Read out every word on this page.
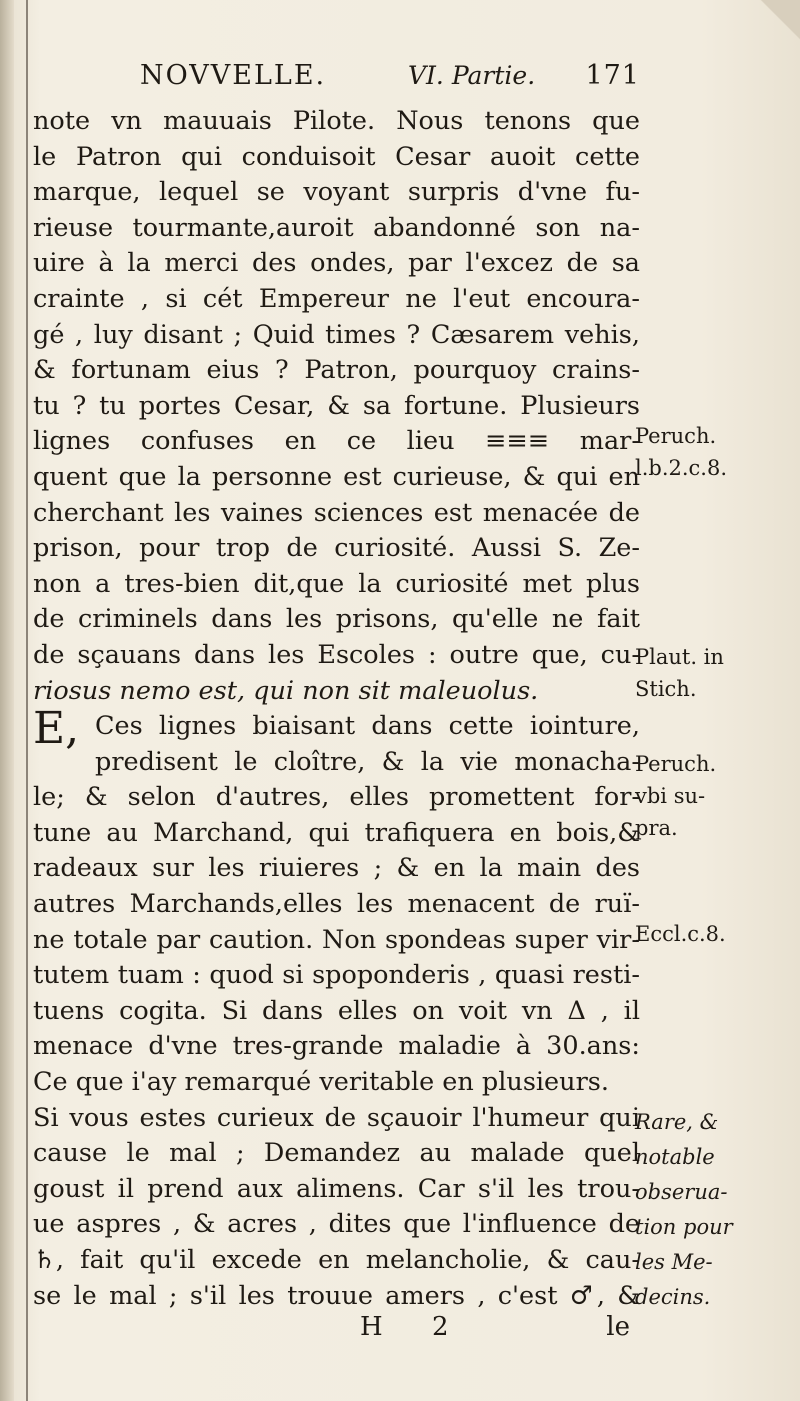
NOVVELLE.	VI. Partie. 171
note vn mauuais Pilote. Nous tenons que
le Patron qui conduisoit Cesar auoit cette
marque, lequel se voyant surpris d'vne fu-
rieuse tourmante,auroit abandonné son na-
uire à la merci des ondes, par l'excez de sa
crainte , si cét Empereur ne l'eut encoura-
gé , luy disant ; Quid times ? Cæsarem vehis,
& fortunam eius ? Patron, pourquoy crains-
tu ? tu portes Cesar, & sa fortune. Plusieurs
lignes confuses en ce lieu ≡≡≡ mar-
quent que la personne est curieuse, & qui en
cherchant les vaines sciences est menacée de
prison, pour trop de curiosité. Aussi S. Ze-
non a tres-bien dit,que la curiosité met plus
de criminels dans les prisons, qu'elle ne fait
de sçauans dans les Escoles : outre que, cu-
riosus nemo est, qui non sit maleuolus.
Ces lignes biaisant dans cette iointure,
predisent le cloître, & la vie monacha-
le; & selon d'autres, elles promettent for-
tune au Marchand, qui trafiquera en bois,&
radeaux sur les riuieres ; & en la main des
autres Marchands,elles les menacent de ruï-
ne totale par caution. Non spondeas super vir-
tutem tuam : quod si spoponderis , quasi resti-
tuens cogita. Si dans elles on voit vn Δ , il
menace d'vne tres-grande maladie à 30.ans:
Ce que i'ay remarqué veritable en plusieurs.
Si vous estes curieux de sçauoir l'humeur qui
cause le mal ; Demandez au malade quel
goust il prend aux alimens. Car s'il les trou-
ue aspres , & acres , dites que l'influence de
♄, fait qu'il excede en melancholie, & cau-
se le mal ; s'il les trouue amers , c'est ♂, &
E,
Peruch.
l.b.2.c.8.
Plaut. in
Stich.
Peruch.
vbi su-
pra.
Eccl.c.8.
Rare, &
notable
obserua-
tion pour
les Me-
decins.
H 2	le
